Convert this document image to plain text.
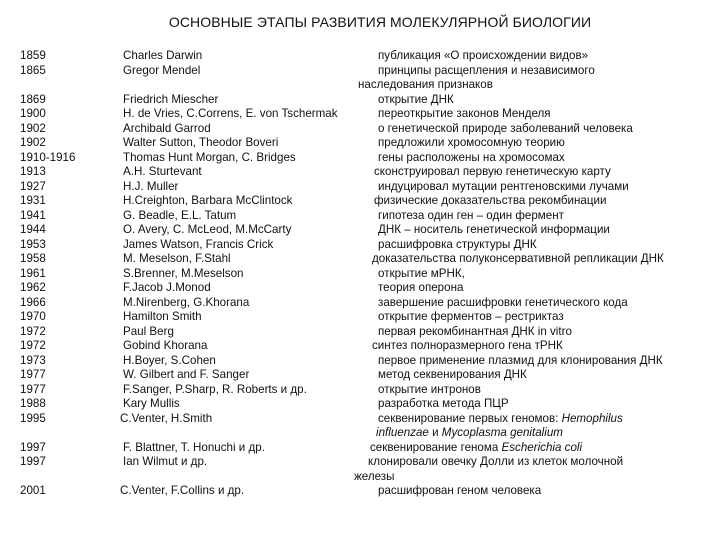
ОСНОВНЫЕ ЭТАПЫ РАЗВИТИЯ МОЛЕКУЛЯРНОЙ БИОЛОГИИ
1859	Charles Darwin	публикация «О происхождении видов»
1865	Gregor Mendel	принципы расщепления и независимого
наследования признаков
1869	Friedrich Miescher	открытие ДНК
1900	H. de Vries, C.Correns, E. von Tschermak	переоткрытие законов Менделя
1902	Archibald Garrod	о генетической природе заболеваний человека
1902	Walter Sutton, Theodor Boveri	предложили хромосомную теорию
1910-1916	Thomas Hunt Morgan, C. Bridges	гены расположены на хромосомах
1913	A.H. Sturtevant	сконструировал первую генетическую карту
1927	H.J. Muller	индуцировал мутации рентгеновскими лучами
1931	H.Creighton, Barbara McClintock	физические доказательства рекомбинации
1941	G. Beadle, E.L. Tatum	гипотеза один ген – один фермент
1944	O. Avery, C. McLeod, M.McCarty	ДНК – носитель генетической информации
1953	James Watson, Francis Crick	расшифровка структуры ДНК
1958	M. Meselson, F.Stahl	доказательства полуконсервативной репликации ДНК
1961	S.Brenner, M.Meselson	открытие мРНК,
1962	F.Jacob J.Monod	теория оперона
1966	M.Nirenberg, G.Khorana	завершение расшифровки генетического кода
1970	Hamilton Smith	открытие ферментов – рестриктаз
1972	Paul Berg	первая рекомбинантная ДНК in vitro
1972	Gobind Khorana	синтез полноразмерного гена тРНК
1973	H.Boyer, S.Cohen	первое применение плазмид для клонирования ДНК
1977	W. Gilbert and F. Sanger	метод секвенирования ДНК
1977	F.Sanger, P.Sharp, R. Roberts и др.	открытие интронов
1988	Kary Mullis	разработка метода ПЦР
1995	C.Venter, H.Smith	секвенирование первых геномов: Hemophilus
influenzae и Mycoplasma genitalium
1997	F. Blattner, T. Honuchi и др.	секвенирование генома Escherichia coli
1997	Ian Wilmut и др.	клонировали овечку Долли из клеток молочной
железы
2001	C.Venter, F.Collins и др.	расшифрован геном человека
